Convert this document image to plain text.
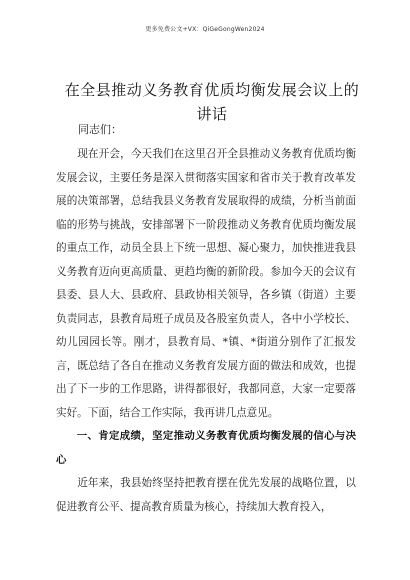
更多免费公文+VX：QiGeGongWen2024
在全县推动义务教育优质均衡发展会议上的讲话
同志们：

现在开会，今天我们在这里召开全县推动义务教育优质均衡发展会议，主要任务是深入贯彻落实国家和省市关于教育改革发展的决策部署，总结我县义务教育发展取得的成绩，分析当前面临的形势与挑战，安排部署下一阶段推动义务教育优质均衡发展的重点工作，动员全县上下统一思想、凝心聚力，加快推进我县义务教育迈向更高质量、更趋均衡的新阶段。参加今天的会议有县委、县人大、县政府、县政协相关领导，各乡镇（街道）主要负责同志，县教育局班子成员及各股室负责人，各中小学校长、幼儿园园长等。刚才，县教育局、*镇、*街道分别作了汇报发言，既总结了各自在推动义务教育发展方面的做法和成效，也提出了下一步的工作思路，讲得都很好，我都同意，大家一定要落实好。下面，结合工作实际，我再讲几点意见。

一、肯定成绩，坚定推动义务教育优质均衡发展的信心与决心

近年来，我县始终坚持把教育摆在优先发展的战略位置，以促进教育公平、提高教育质量为核心，持续加大教育投入，
